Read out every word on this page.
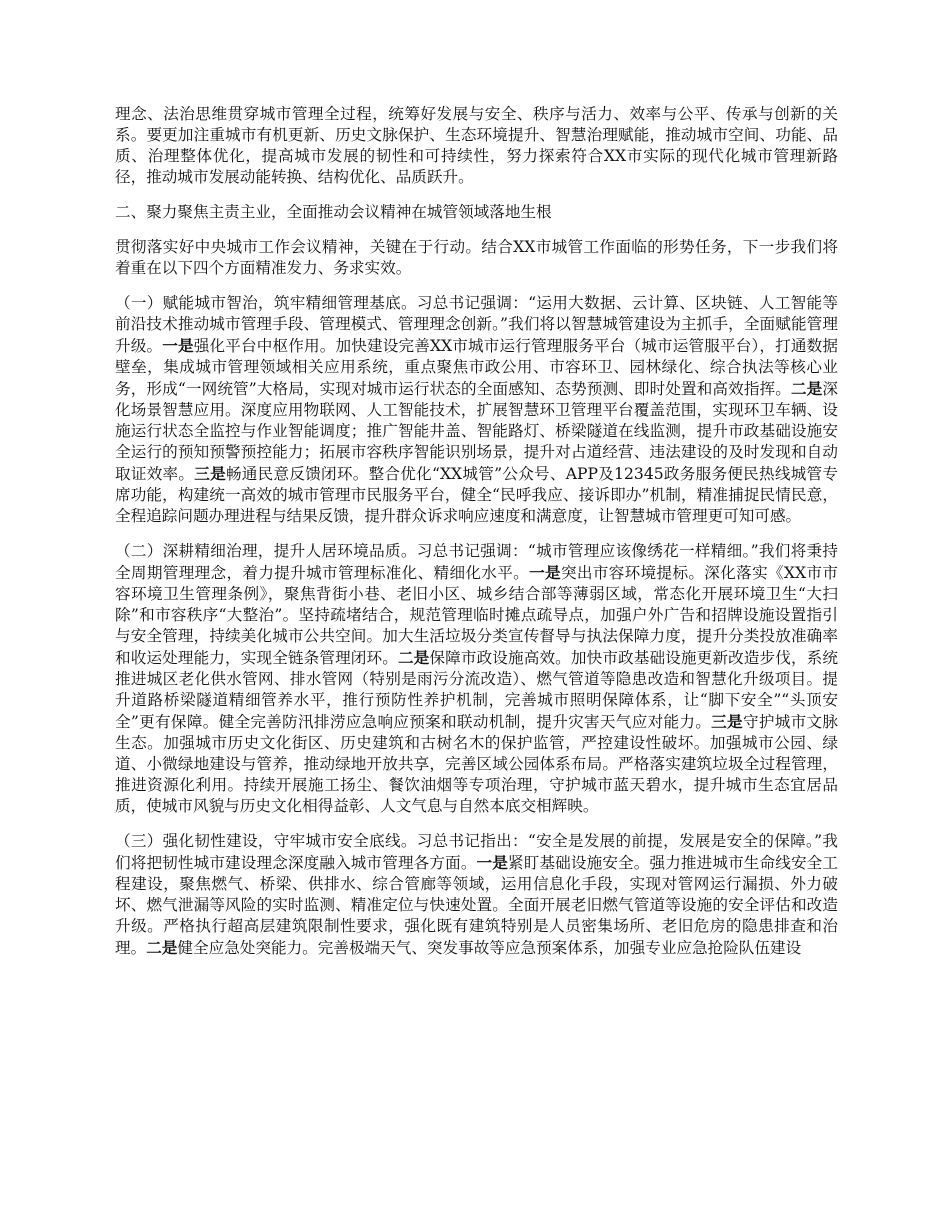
理念、法治思维贯穿城市管理全过程，统筹好发展与安全、秩序与活力、效率与公平、传承与创新的关系。要更加注重城市有机更新、历史文脉保护、生态环境提升、智慧治理赋能，推动城市空间、功能、品质、治理整体优化，提高城市发展的韧性和可持续性，努力探索符合XX市实际的现代化城市管理新路径，推动城市发展动能转换、结构优化、品质跃升。

二、聚力聚焦主责主业，全面推动会议精神在城管领域落地生根

贯彻落实好中央城市工作会议精神，关键在于行动。结合XX市城管工作面临的形势任务，下一步我们将着重在以下四个方面精准发力、务求实效。

（一）赋能城市智治，筑牢精细管理基底。习总书记强调：“运用大数据、云计算、区块链、人工智能等前沿技术推动城市管理手段、管理模式、管理理念创新。”我们将以智慧城管建设为主抓手，全面赋能管理升级。一是强化平台中枢作用。加快建设完善XX市城市运行管理服务平台（城市运管服平台），打通数据壁垒，集成城市管理领域相关应用系统，重点聚焦市政公用、市容环卫、园林绿化、综合执法等核心业务，形成“一网统管”大格局，实现对城市运行状态的全面感知、态势预测、即时处置和高效指挥。二是深化场景智慧应用。深度应用物联网、人工智能技术，扩展智慧环卫管理平台覆盖范围，实现环卫车辆、设施运行状态全监控与作业智能调度；推广智能井盖、智能路灯、桥梁隧道在线监测，提升市政基础设施安全运行的预知预警预控能力；拓展市容秩序智能识别场景，提升对占道经营、违法建设的及时发现和自动取证效率。三是畅通民意反馈闭环。整合优化“XX城管”公众号、APP及12345政务服务便民热线城管专席功能，构建统一高效的城市管理市民服务平台，健全“民呼我应、接诉即办”机制，精准捕捉民情民意，全程追踪问题办理进程与结果反馈，提升群众诉求响应速度和满意度，让智慧城市管理更可知可感。

（二）深耕精细治理，提升人居环境品质。习总书记强调：“城市管理应该像绣花一样精细。”我们将秉持全周期管理理念，着力提升城市管理标准化、精细化水平。一是突出市容环境提标。深化落实《XX市市容环境卫生管理条例》，聚焦背街小巷、老旧小区、城乡结合部等薄弱区域，常态化开展环境卫生“大扫除”和市容秩序“大整治”。坚持疏堵结合，规范管理临时摊点疏导点，加强户外广告和招牌设施设置指引与安全管理，持续美化城市公共空间。加大生活垃圾分类宣传督导与执法保障力度，提升分类投放准确率和收运处理能力，实现全链条管理闭环。二是保障市政设施高效。加快市政基础设施更新改造步伐，系统推进城区老化供水管网、排水管网（特别是雨污分流改造）、燃气管道等隐患改造和智慧化升级项目。提升道路桥梁隧道精细管养水平，推行预防性养护机制，完善城市照明保障体系，让“脚下安全”“头顶安全”更有保障。健全完善防汛排涝应急响应预案和联动机制，提升灾害天气应对能力。三是守护城市文脉生态。加强城市历史文化街区、历史建筑和古树名木的保护监管，严控建设性破坏。加强城市公园、绿道、小微绿地建设与管养，推动绿地开放共享，完善区域公园体系布局。严格落实建筑垃圾全过程管理，推进资源化利用。持续开展施工扬尘、餐饮油烟等专项治理，守护城市蓝天碧水，提升城市生态宜居品质，使城市风貌与历史文化相得益彰、人文气息与自然本底交相辉映。

（三）强化韧性建设，守牢城市安全底线。习总书记指出：“安全是发展的前提，发展是安全的保障。”我们将把韧性城市建设理念深度融入城市管理各方面。一是紧盯基础设施安全。强力推进城市生命线安全工程建设，聚焦燃气、桥梁、供排水、综合管廊等领域，运用信息化手段，实现对管网运行漏损、外力破坏、燃气泄漏等风险的实时监测、精准定位与快速处置。全面开展老旧燃气管道等设施的安全评估和改造升级。严格执行超高层建筑限制性要求，强化既有建筑特别是人员密集场所、老旧危房的隐患排查和治理。二是健全应急处突能力。完善极端天气、突发事故等应急预案体系，加强专业应急抢险队伍建设
